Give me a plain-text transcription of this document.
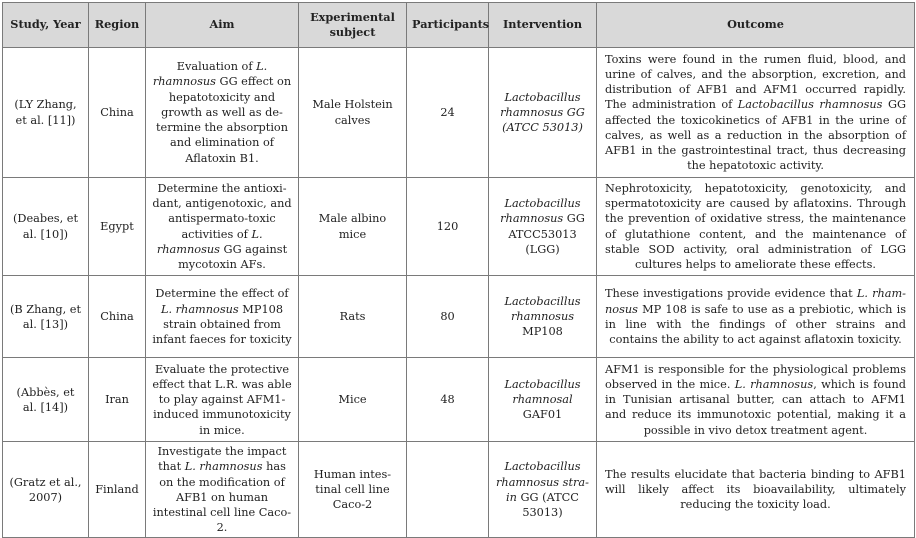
Study, Year	Region	Aim	Experimental subject	Participants	Intervention	Outcome
(LY Zhang, et al. [11])	China	Evaluation of L. rhamnosus GG effect on hepatotoxicity and growth as well as de-termine the absorption and elimination of Aflatoxin B1.	Male Holstein calves	24	Lactobacillus rhamnosus GG (ATCC 53013)	Toxins were found in the rumen fluid, blood, and urine of calves, and the absorption, excretion, and distribution of AFB1 and AFM1 occurred rapidly. The administration of Lactobacillus rhamnosus GG affected the toxicokinetics of AFB1 in the urine of calves, as well as a reduction in the absorption of AFB1 in the gastrointestinal tract, thus decreasing the hepatotoxic activity.
(Deabes, et al. [10])	Egypt	Determine the antioxi-dant, antigenotoxic, and antispermato-toxic activities of L. rhamnosus GG against mycotoxin AFs.	Male albino mice	120	Lactobacillus rhamnosus GG ATCC53013 (LGG)	Nephrotoxicity, hepatotoxicity, genotoxicity, and spermatotoxicity are caused by aflatoxins. Through the prevention of oxidative stress, the maintenance of glutathione content, and the maintenance of stable SOD activity, oral administration of LGG cultures helps to ameliorate these effects.
(B Zhang, et al. [13])	China	Determine the effect of L. rhamnosus MP108 strain obtained from infant faeces for toxicity	Rats	80	Lactobacillus rhamnosus MP108	These investigations provide evidence that L. rham-nosus MP 108 is safe to use as a prebiotic, which is in line with the findings of other strains and contains the ability to act against aflatoxin toxicity.
(Abbès, et al. [14])	Iran	Evaluate the protective effect that L.R. was able to play against AFM1-induced immunotoxicity in mice.	Mice	48	Lactobacillus rhamnosal GAF01	AFM1 is responsible for the physiological problems observed in the mice. L. rhamnosus, which is found in Tunisian artisanal butter, can attach to AFM1 and reduce its immunotoxic potential, making it a possible in vivo detox treatment agent.
(Gratz et al., 2007)	Finland	Investigate the impact that L. rhamnosus has on the modification of AFB1 on human intestinal cell line Caco-2.	Human intes-tinal cell line Caco-2		Lactobacillus rhamnosus stra-in GG (ATCC 53013)	The results elucidate that bacteria binding to AFB1 will likely affect its bioavailability, ultimately reducing the toxicity load.
